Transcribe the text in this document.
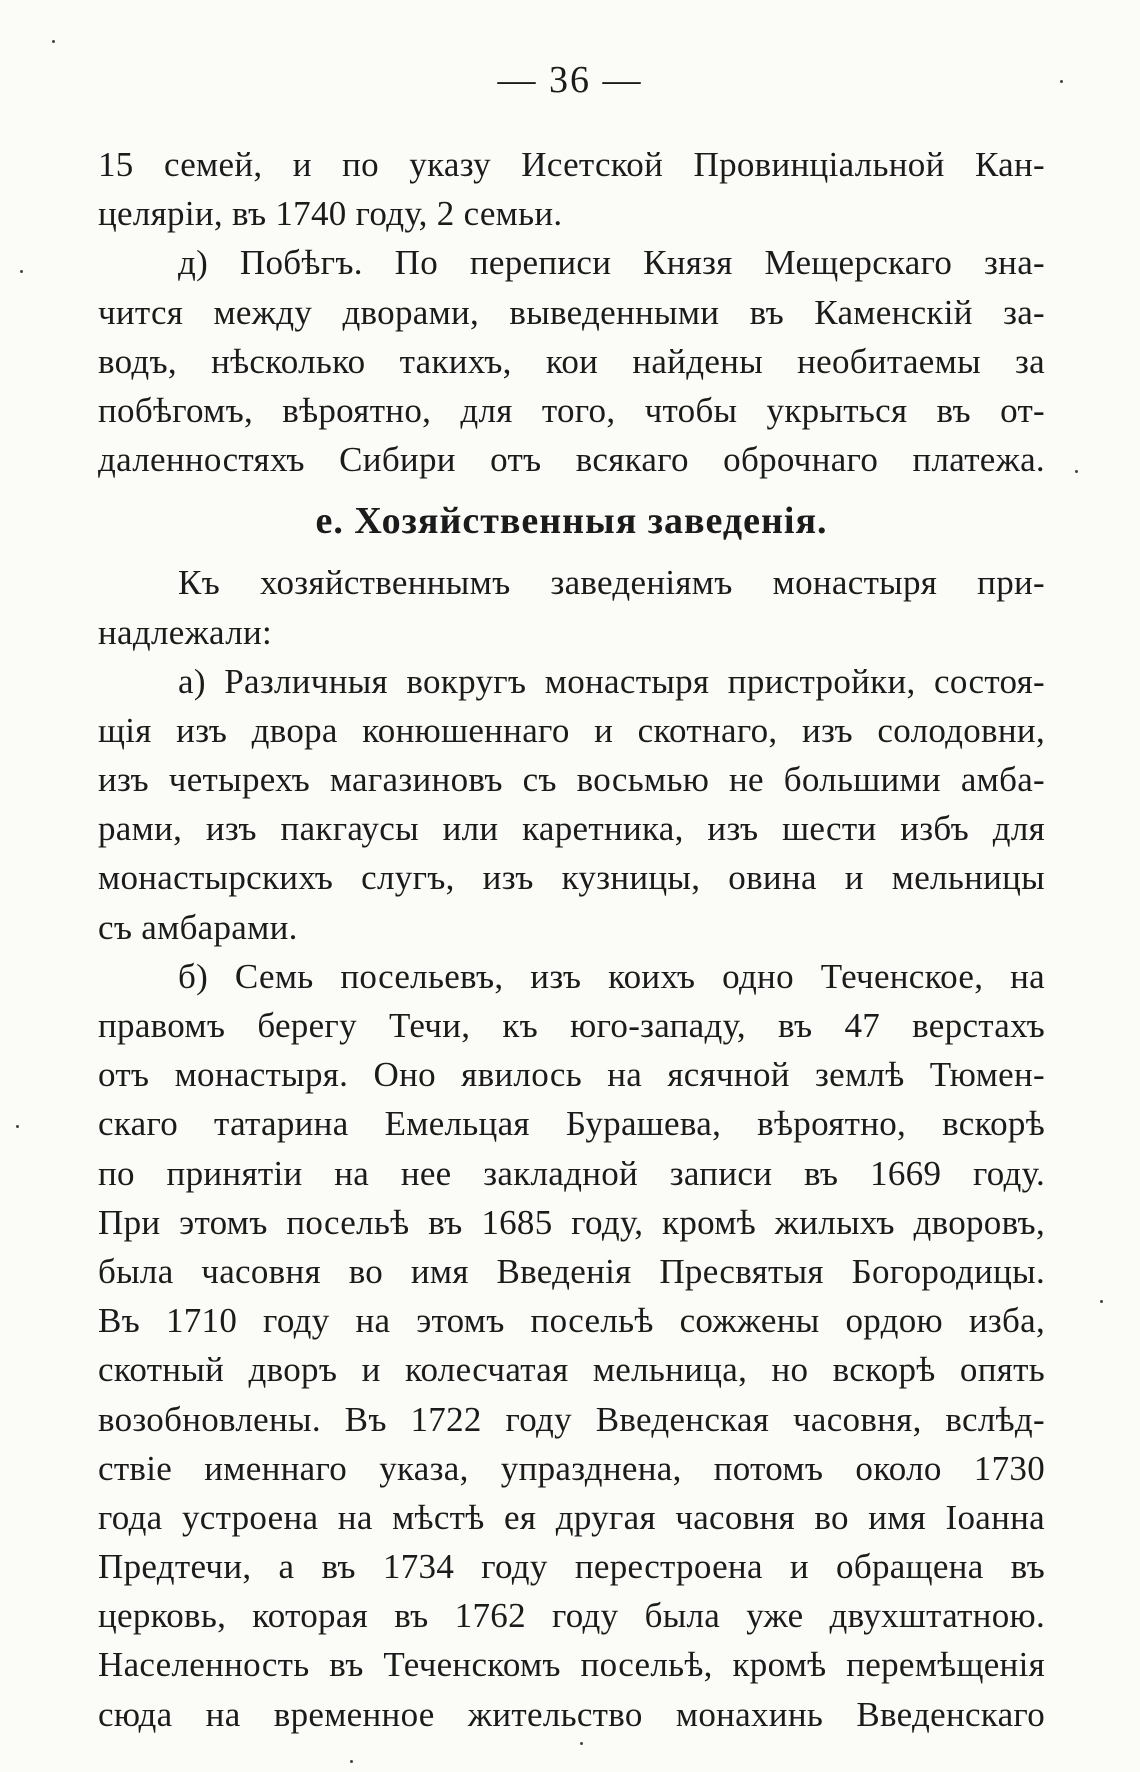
— 36 —
15 семей, и по указу Исетской Провинціальной Кан-
целяріи, въ 1740 году, 2 семьи.
д) Побѣгъ. По переписи Князя Мещерскаго зна-
чится между дворами, выведенными въ Каменскій за-
водъ, нѣсколько такихъ, кои найдены необитаемы за
побѣгомъ, вѣроятно, для того, чтобы укрыться въ от-
даленностяхъ Сибири отъ всякаго оброчнаго платежа.
е. Хозяйственныя заведенія.
Къ хозяйственнымъ заведеніямъ монастыря при-
надлежали:
а) Различныя вокругъ монастыря пристройки, состоя-
щія изъ двора конюшеннаго и скотнаго, изъ солодовни,
изъ четырехъ магазиновъ съ восьмью не большими амба-
рами, изъ пакгаусы или каретника, изъ шести избъ для
монастырскихъ слугъ, изъ кузницы, овина и мельницы
съ амбарами.
б) Семь посельевъ, изъ коихъ одно Теченское, на
правомъ берегу Течи, къ юго-западу, въ 47 верстахъ
отъ монастыря. Оно явилось на ясячной землѣ Тюмен-
скаго татарина Емельцая Бурашева, вѣроятно, вскорѣ
по принятіи на нее закладной записи въ 1669 году.
При этомъ посельѣ въ 1685 году, кромѣ жилыхъ дворовъ,
была часовня во имя Введенія Пресвятыя Богородицы.
Въ 1710 году на этомъ посельѣ сожжены ордою изба,
скотный дворъ и колесчатая мельница, но вскорѣ опять
возобновлены. Въ 1722 году Введенская часовня, вслѣд-
ствіе именнаго указа, упразднена, потомъ около 1730
года устроена на мѣстѣ ея другая часовня во имя Іоанна
Предтечи, а въ 1734 году перестроена и обращена въ
церковь, которая въ 1762 году была уже двухштатною.
Населенность въ Теченскомъ посельѣ, кромѣ перемѣщенія
сюда на временное жительство монахинь Введенскаго
